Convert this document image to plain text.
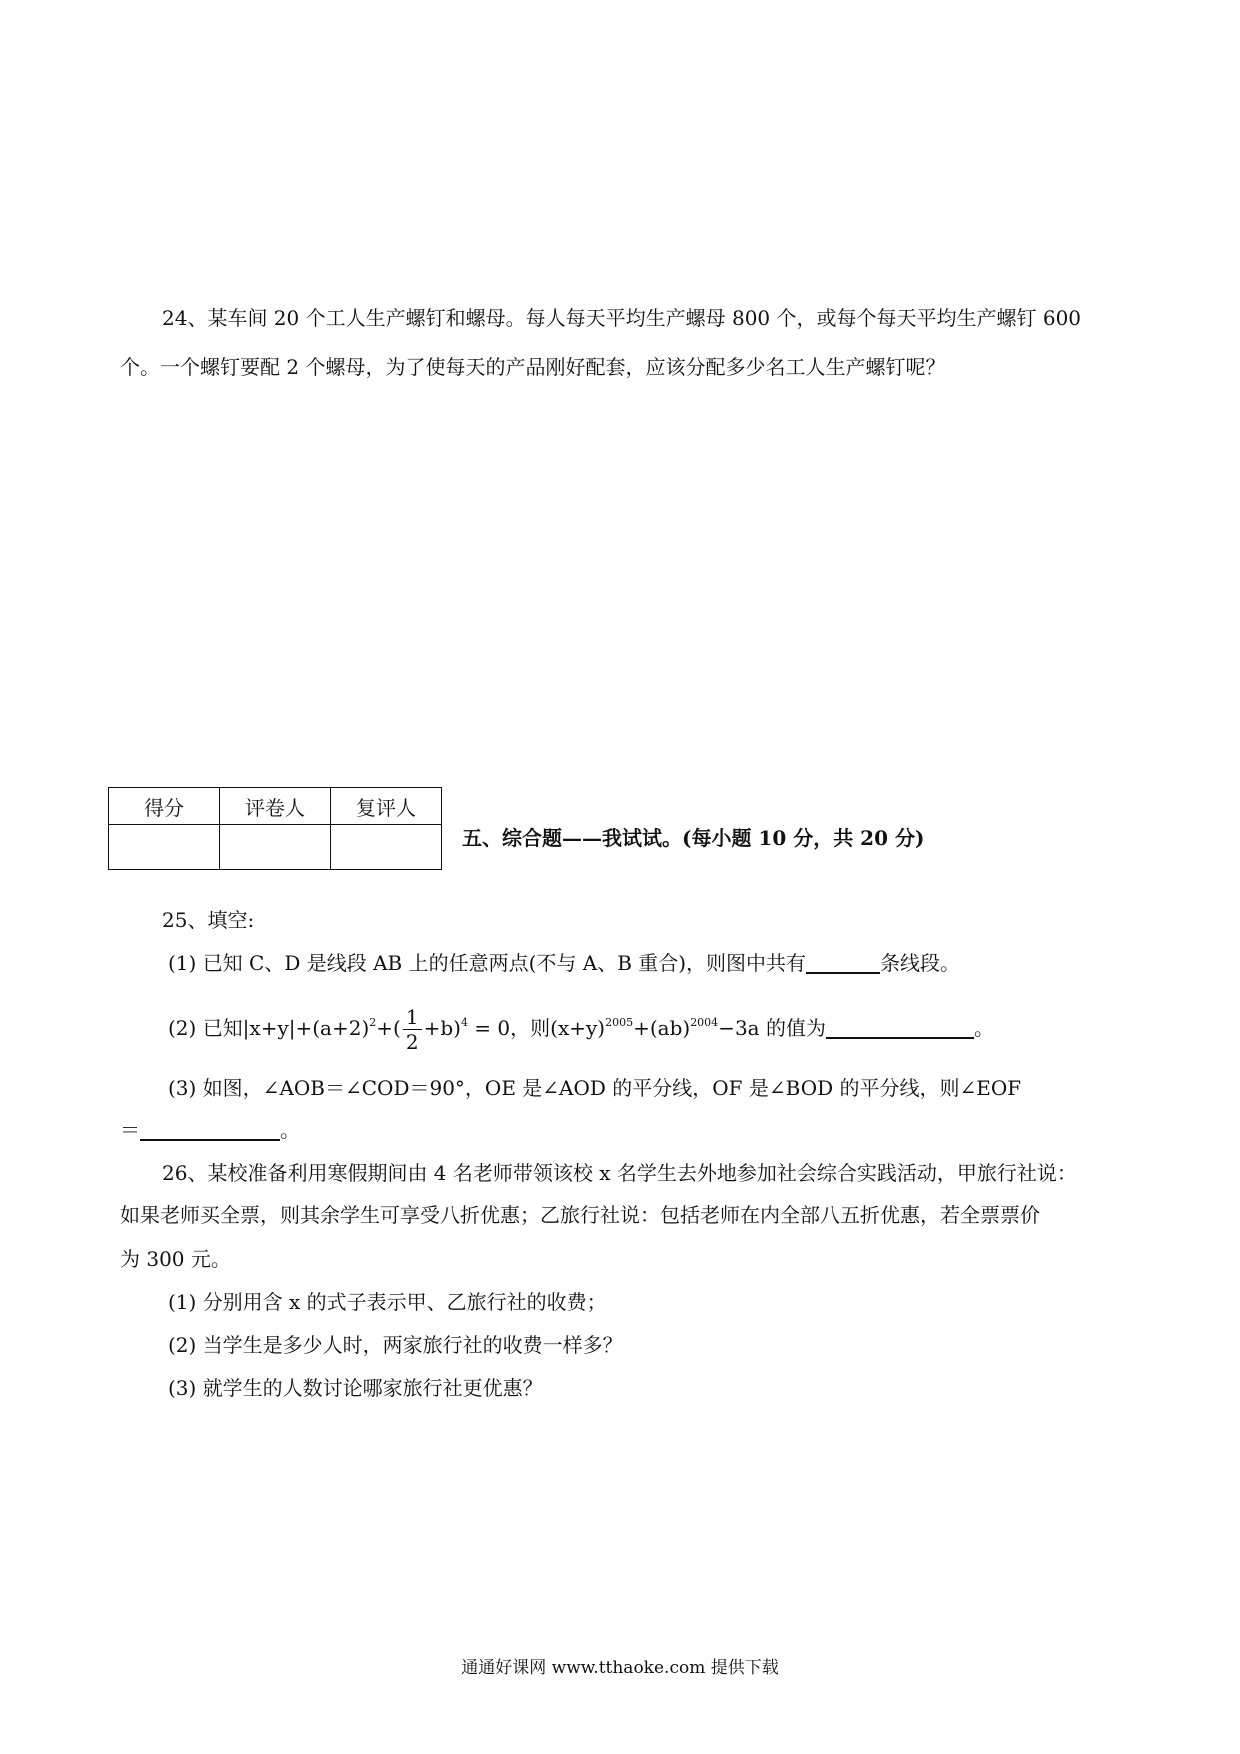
24、某车间 20 个工人生产螺钉和螺母。每人每天平均生产螺母 800 个，或每个每天平均生产螺钉 600
个。一个螺钉要配 2 个螺母，为了使每天的产品刚好配套，应该分配多少名工人生产螺钉呢？
得分	评卷人	复评人

五、综合题——我试试。(每小题 10 分，共 20 分)
25、填空:
(1) 已知 C、D 是线段 AB 上的任意两点(不与 A、B 重合)，则图中共有	条线段。
(2) 已知$|x+y|+(a+2)^2+( \frac{1}{2} +b)^4 = 0$，则$(x+y)^{2005}+(ab)^{2004}-3a$ 的值为	。
(3) 如图，∠AOB＝∠COD＝90°，OE 是∠AOD 的平分线，OF 是∠BOD 的平分线，则∠EOF
＝	。
26、某校准备利用寒假期间由 4 名老师带领该校 x 名学生去外地参加社会综合实践活动，甲旅行社说：
如果老师买全票，则其余学生可享受八折优惠；乙旅行社说：包括老师在内全部八五折优惠，若全票票价
为 300 元。
(1) 分别用含 x 的式子表示甲、乙旅行社的收费；
(2) 当学生是多少人时，两家旅行社的收费一样多？
(3) 就学生的人数讨论哪家旅行社更优惠？
通通好课网 www.tthaoke.com 提供下载
